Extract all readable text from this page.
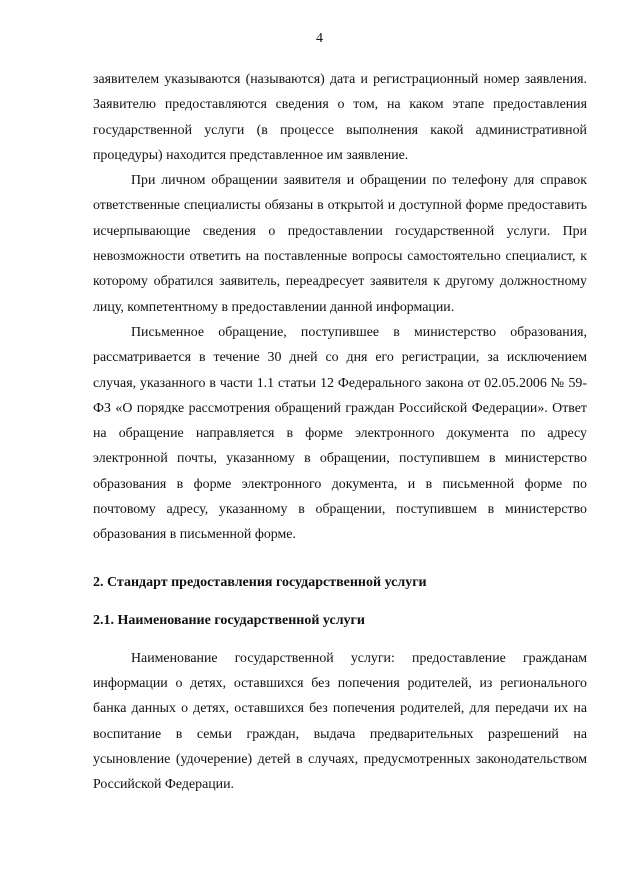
4

заявителем указываются (называются) дата и регистрационный номер заявления. Заявителю предоставляются сведения о том, на каком этапе предоставления государственной услуги (в процессе выполнения какой административной процедуры) находится представленное им заявление.

При личном обращении заявителя и обращении по телефону для справок ответственные специалисты обязаны в открытой и доступной форме предоставить исчерпывающие сведения о предоставлении государственной услуги. При невозможности ответить на поставленные вопросы самостоятельно специалист, к которому обратился заявитель, переадресует заявителя к другому должностному лицу, компетентному в предоставлении данной информации.

Письменное обращение, поступившее в министерство образования, рассматривается в течение 30 дней со дня его регистрации, за исключением случая, указанного в части 1.1 статьи 12 Федерального закона от 02.05.2006 № 59-ФЗ «О порядке рассмотрения обращений граждан Российской Федерации». Ответ на обращение направляется в форме электронного документа по адресу электронной почты, указанному в обращении, поступившем в министерство образования в форме электронного документа, и в письменной форме по почтовому адресу, указанному в обращении, поступившем в министерство образования в письменной форме.

2. Стандарт предоставления государственной услуги

2.1. Наименование государственной услуги

Наименование государственной услуги: предоставление гражданам информации о детях, оставшихся без попечения родителей, из регионального банка данных о детях, оставшихся без попечения родителей, для передачи их на воспитание в семьи граждан, выдача предварительных разрешений на усыновление (удочерение) детей в случаях, предусмотренных законодательством Российской Федерации.
